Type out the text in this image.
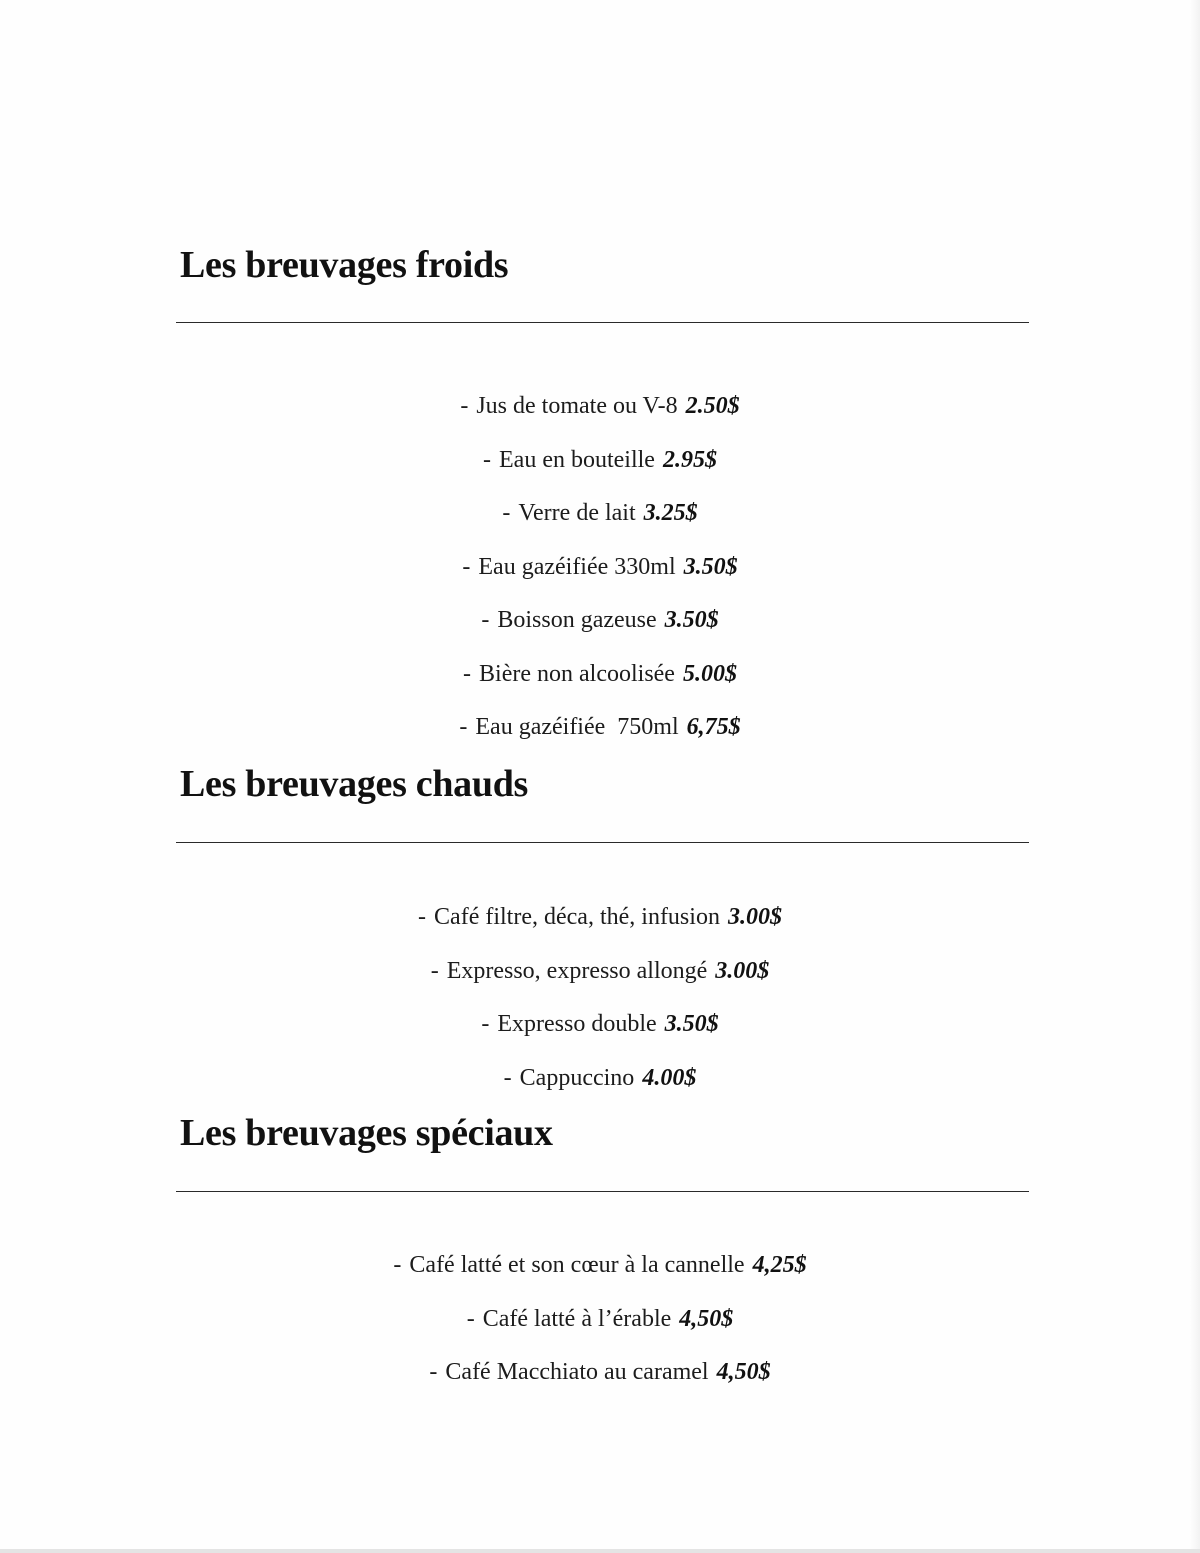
Les breuvages froids
- Jus de tomate ou V-8 2.50$
- Eau en bouteille 2.95$
- Verre de lait 3.25$
- Eau gazéifiée 330ml 3.50$
- Boisson gazeuse 3.50$
- Bière non alcoolisée 5.00$
- Eau gazéifiée  750ml 6,75$
Les breuvages chauds
- Café filtre, déca, thé, infusion 3.00$
- Expresso, expresso allongé 3.00$
- Expresso double 3.50$
- Cappuccino 4.00$
Les breuvages spéciaux
- Café latté et son cœur à la cannelle 4,25$
- Café latté à l’érable 4,50$
- Café Macchiato au caramel 4,50$
